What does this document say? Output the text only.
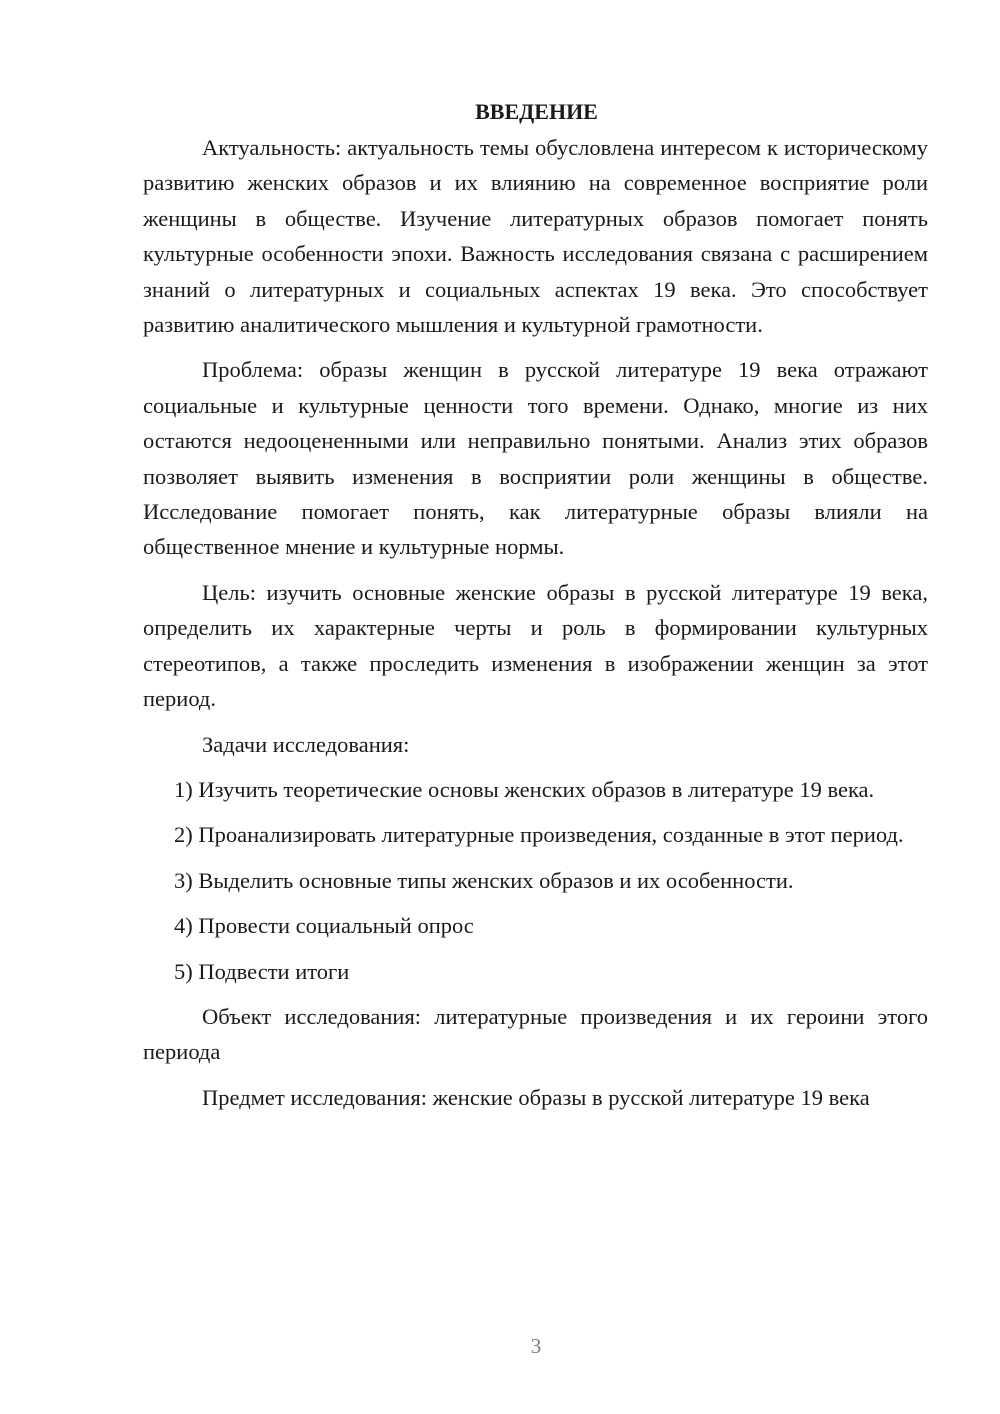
ВВЕДЕНИЕ

Актуальность: актуальность темы обусловлена интересом к историческому развитию женских образов и их влиянию на современное восприятие роли женщины в обществе. Изучение литературных образов помогает понять культурные особенности эпохи. Важность исследования связана с расширением знаний о литературных и социальных аспектах 19 века. Это способствует развитию аналитического мышления и культурной грамотности.

Проблема: образы женщин в русской литературе 19 века отражают социальные и культурные ценности того времени. Однако, многие из них остаются недооцененными или неправильно понятыми. Анализ этих образов позволяет выявить изменения в восприятии роли женщины в обществе. Исследование помогает понять, как литературные образы влияли на общественное мнение и культурные нормы.

Цель: изучить основные женские образы в русской литературе 19 века, определить их характерные черты и роль в формировании культурных стереотипов, а также проследить изменения в изображении женщин за этот период.

Задачи исследования:

1) Изучить теоретические основы женских образов в литературе 19 века.

2) Проанализировать литературные произведения, созданные в этот период.

3) Выделить основные типы женских образов и их особенности.

4) Провести социальный опрос

5) Подвести итоги

Объект исследования: литературные произведения и их героини этого периода

Предмет исследования: женские образы в русской литературе 19 века

3
